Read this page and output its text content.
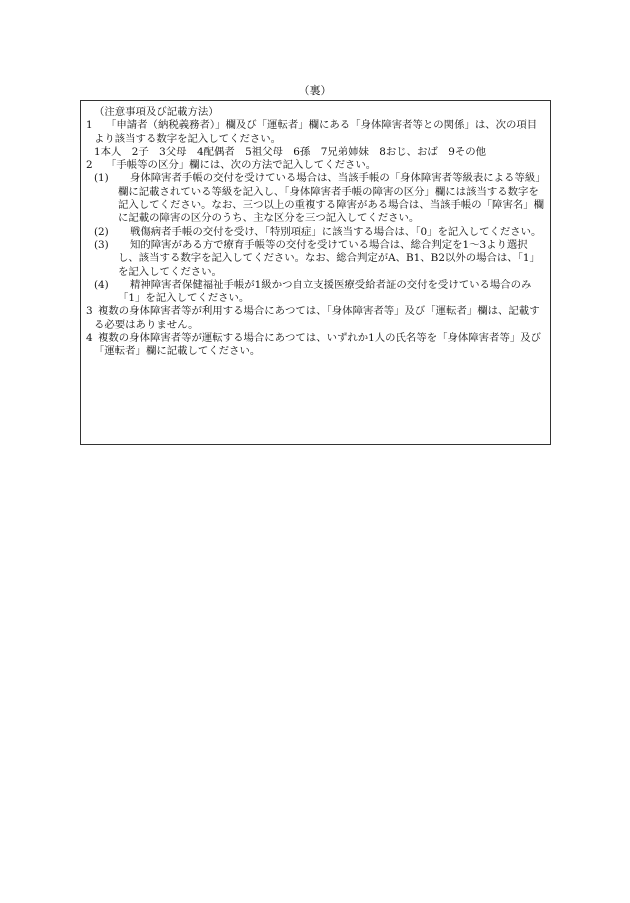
（裏）
（注意事項及び記載方法）
1	「申請者（納税義務者）」欄及び「運転者」欄にある「身体障害者等との関係」は、次の項目より該当する数字を記入してください。
1本人　2子　3父母　4配偶者　5祖父母　6孫　7兄弟姉妹　8おじ、おば　9その他
2	「手帳等の区分」欄には、次の方法で記入してください。
(1)	身体障害者手帳の交付を受けている場合は、当該手帳の「身体障害者等級表による等級」欄に記載されている等級を記入し、「身体障害者手帳の障害の区分」欄には該当する数字を記入してください。なお、三つ以上の重複する障害がある場合は、当該手帳の「障害名」欄に記載の障害の区分のうち、主な区分を三つ記入してください。
(2)	戦傷病者手帳の交付を受け、「特別項症」に該当する場合は、「0」を記入してください。
(3)	知的障害がある方で療育手帳等の交付を受けている場合は、総合判定を1～3より選択し、該当する数字を記入してください。なお、総合判定がA、B1、B2以外の場合は、「1」を記入してください。
(4)	精神障害者保健福祉手帳が1級かつ自立支援医療受給者証の交付を受けている場合のみ「1」を記入してください。
3 複数の身体障害者等が利用する場合にあつては、「身体障害者等」及び「運転者」欄は、記載する必要はありません。
4 複数の身体障害者等が運転する場合にあつては、いずれか1人の氏名等を「身体障害者等」及び「運転者」欄に記載してください。
